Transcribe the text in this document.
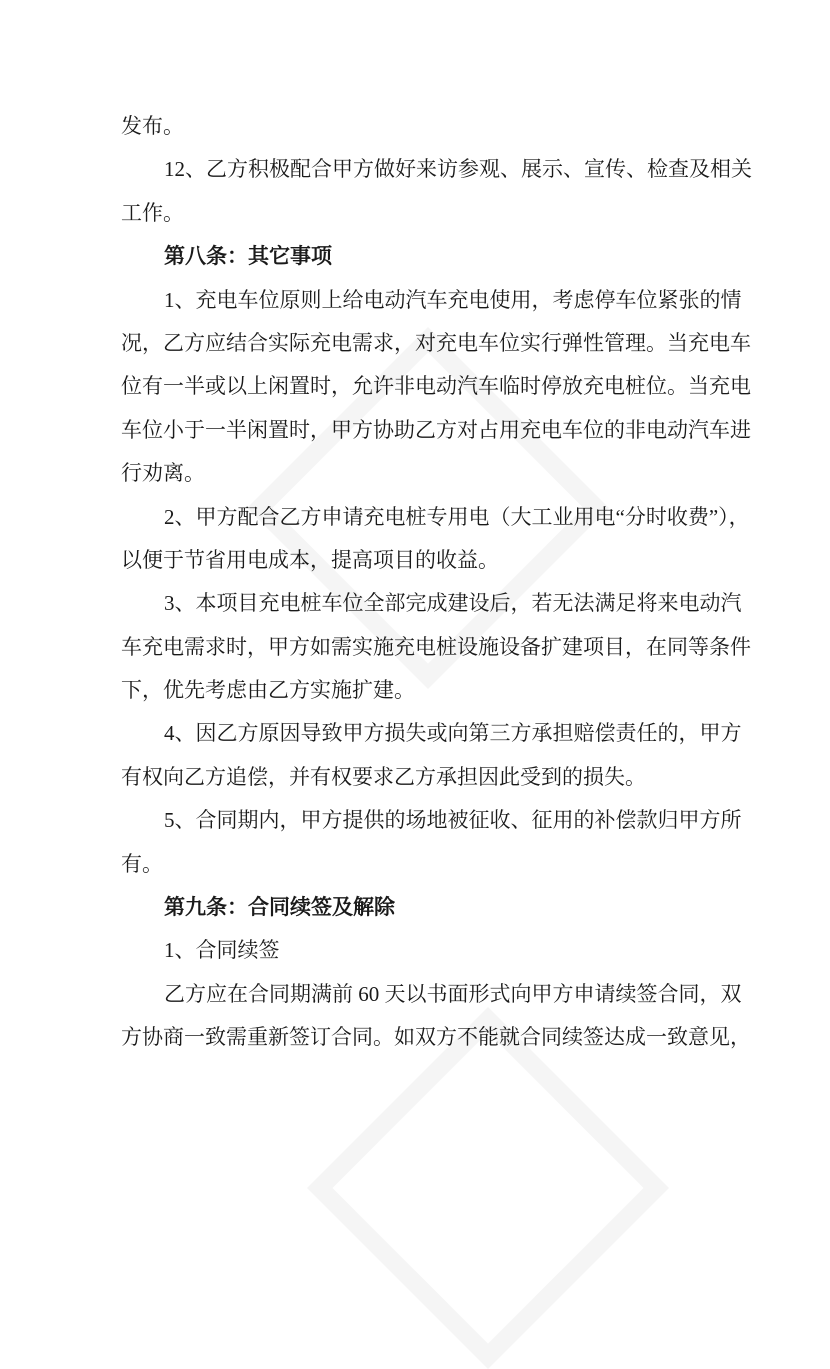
发布。
12、乙方积极配合甲方做好来访参观、展示、宣传、检查及相关
工作。
第八条：其它事项
1、充电车位原则上给电动汽车充电使用，考虑停车位紧张的情
况，乙方应结合实际充电需求，对充电车位实行弹性管理。当充电车
位有一半或以上闲置时，允许非电动汽车临时停放充电桩位。当充电
车位小于一半闲置时，甲方协助乙方对占用充电车位的非电动汽车进
行劝离。
2、甲方配合乙方申请充电桩专用电（大工业用电“分时收费”），
以便于节省用电成本，提高项目的收益。
3、本项目充电桩车位全部完成建设后，若无法满足将来电动汽
车充电需求时，甲方如需实施充电桩设施设备扩建项目，在同等条件
下，优先考虑由乙方实施扩建。
4、因乙方原因导致甲方损失或向第三方承担赔偿责任的，甲方
有权向乙方追偿，并有权要求乙方承担因此受到的损失。
5、合同期内，甲方提供的场地被征收、征用的补偿款归甲方所
有。
第九条：合同续签及解除
1、合同续签
乙方应在合同期满前 60 天以书面形式向甲方申请续签合同，双
方协商一致需重新签订合同。如双方不能就合同续签达成一致意见，
